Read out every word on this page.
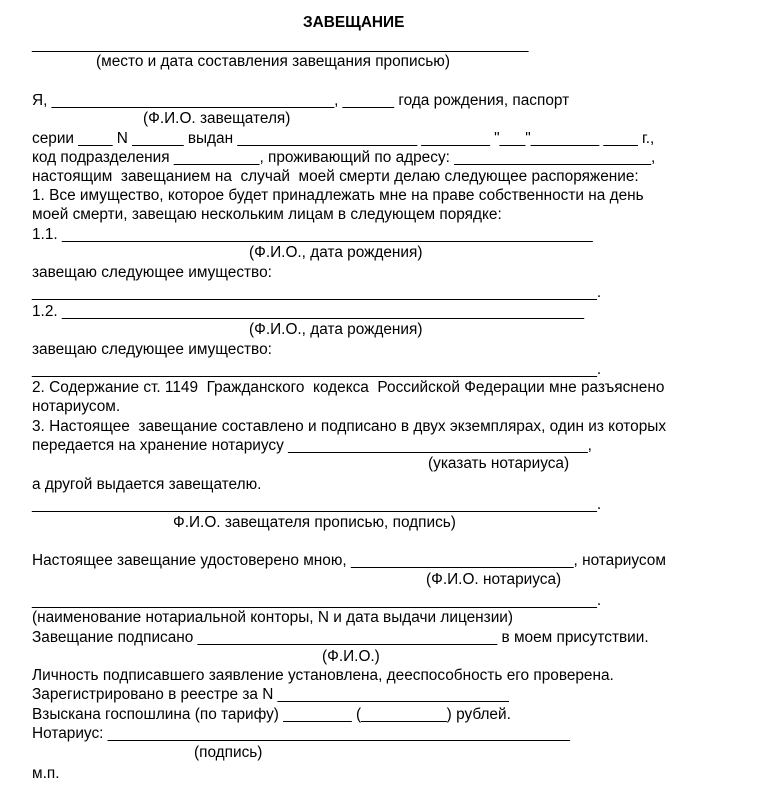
ЗАВЕЩАНИЕ
__________________________________________________________
(место и дата составления завещания прописью)
Я, _________________________________, ______ года рождения, паспорт
(Ф.И.О. завещателя)
серии ____ N ______ выдан _____________________ ________ "___"________ ____ г.,
код подразделения __________, проживающий по адресу: _______________________,
настоящим  завещанием на  случай  моей смерти делаю следующее распоряжение:
1. Все имущество, которое будет принадлежать мне на праве собственности на день
моей смерти, завещаю нескольким лицам в следующем порядке:
1.1. ______________________________________________________________
(Ф.И.О., дата рождения)
завещаю следующее имущество:
__________________________________________________________________.
1.2. _____________________________________________________________
(Ф.И.О., дата рождения)
завещаю следующее имущество:
__________________________________________________________________.
2. Содержание ст. 1149  Гражданского  кодекса  Российской Федерации мне разъяснено
нотариусом.
3. Настоящее  завещание составлено и подписано в двух экземплярах, один из которых
передается на хранение нотариусу ___________________________________,
(указать нотариуса)
а другой выдается завещателю.
__________________________________________________________________.
Ф.И.О. завещателя прописью, подпись)
Настоящее завещание удостоверено мною, __________________________, нотариусом
(Ф.И.О. нотариуса)
__________________________________________________________________.
(наименование нотариальной конторы, N и дата выдачи лицензии)
Завещание подписано ___________________________________ в моем присутствии.
(Ф.И.О.)
Личность подписавшего заявление установлена, дееспособность его проверена.
Зарегистрировано в реестре за N ___________________________
Взыскана госпошлина (по тарифу) ________ (__________) рублей.
Нотариус: ______________________________________________________
(подпись)
м.п.
